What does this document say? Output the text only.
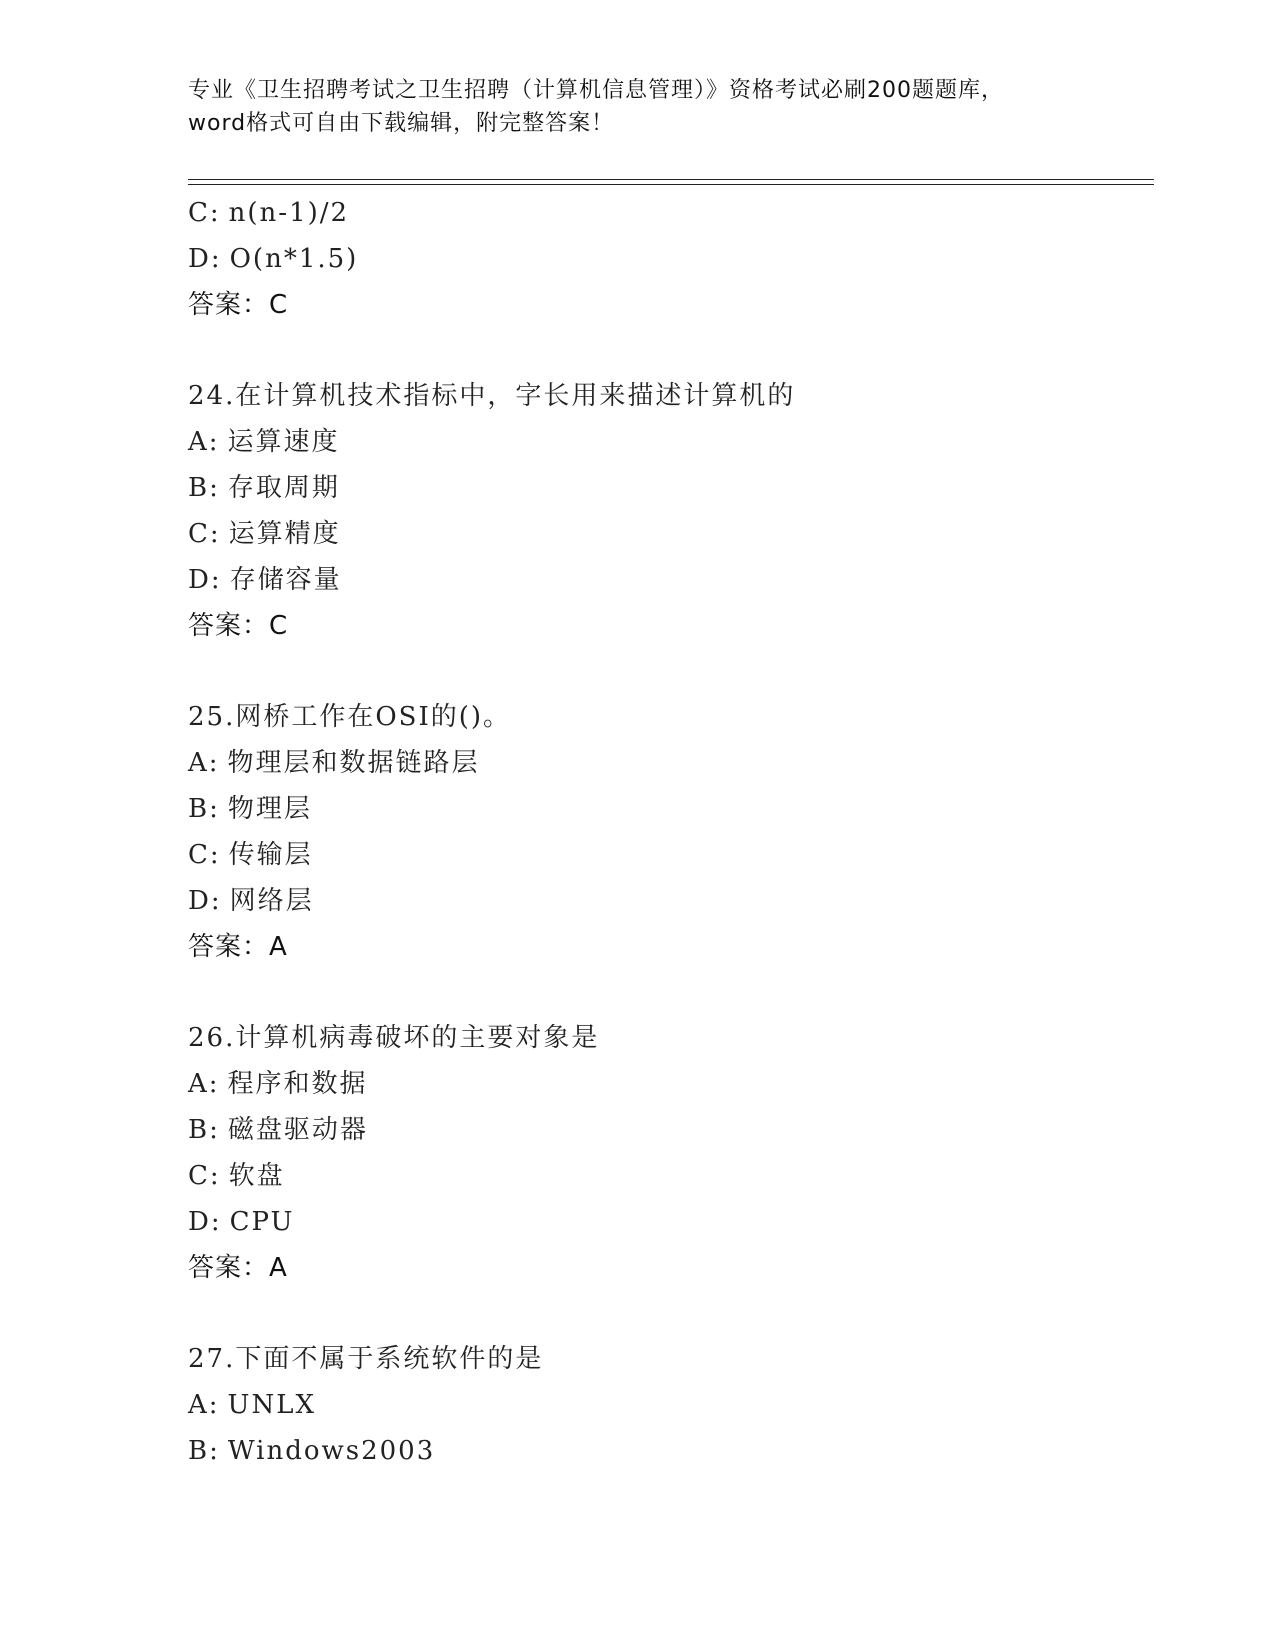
专业《卫生招聘考试之卫生招聘（计算机信息管理）》资格考试必刷200题题库，
word格式可自由下载编辑，附完整答案！
C: n(n-1)/2
D: O(n*1.5)
答案：C
24.在计算机技术指标中，字长用来描述计算机的
A: 运算速度
B: 存取周期
C: 运算精度
D: 存储容量
答案：C
25.网桥工作在OSI的()。
A: 物理层和数据链路层
B: 物理层
C: 传输层
D: 网络层
答案：A
26.计算机病毒破坏的主要对象是
A: 程序和数据
B: 磁盘驱动器
C: 软盘
D: CPU
答案：A
27.下面不属于系统软件的是
A: UNLX
B: Windows2003
